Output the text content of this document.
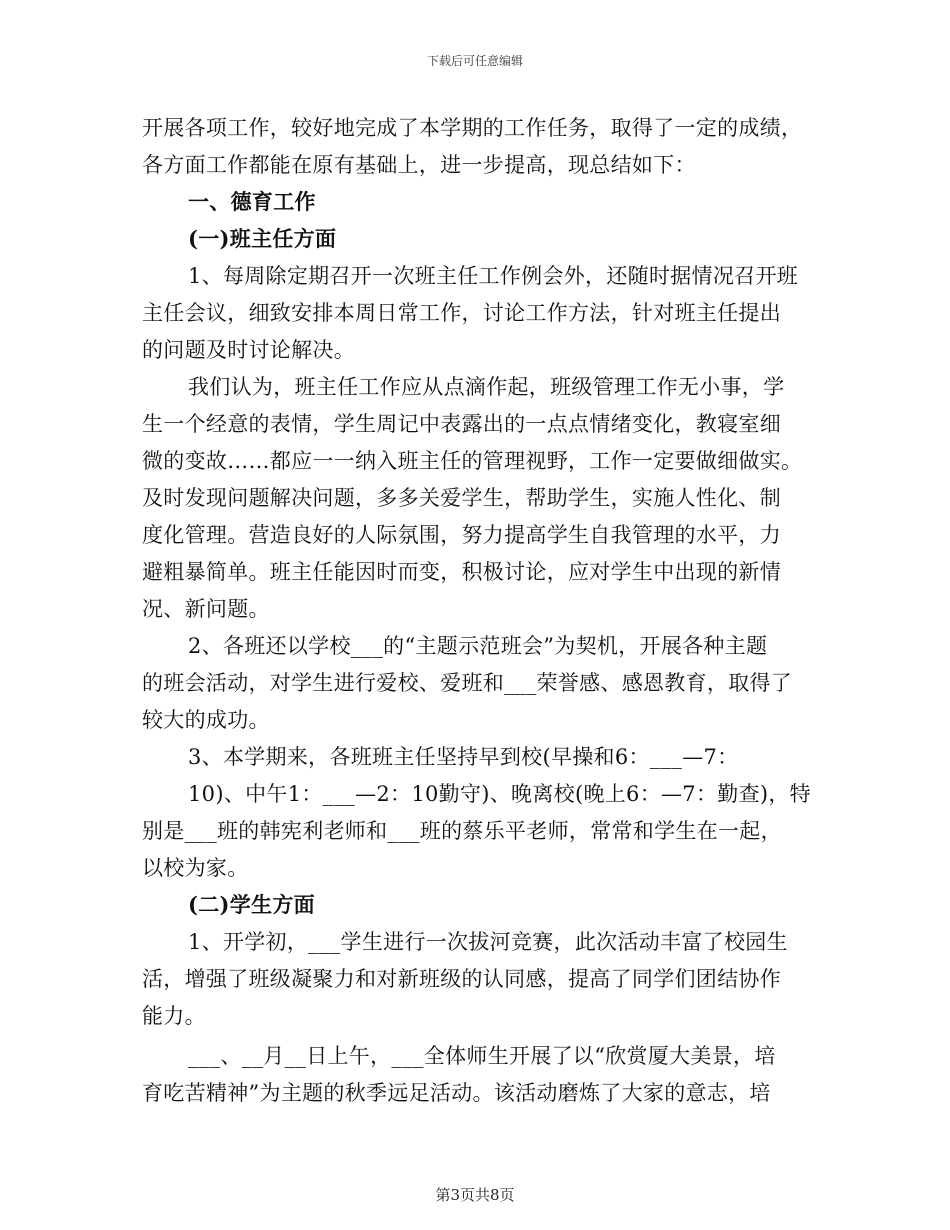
下载后可任意编辑
开展各项工作，较好地完成了本学期的工作任务，取得了一定的成绩，
各方面工作都能在原有基础上，进一步提高，现总结如下：
一、德育工作
(一)班主任方面
1、每周除定期召开一次班主任工作例会外，还随时据情况召开班
主任会议，细致安排本周日常工作，讨论工作方法，针对班主任提出
的问题及时讨论解决。
我们认为，班主任工作应从点滴作起，班级管理工作无小事，学
生一个经意的表情，学生周记中表露出的一点点情绪变化，教寝室细
微的变故……都应一一纳入班主任的管理视野，工作一定要做细做实。
及时发现问题解决问题，多多关爱学生，帮助学生，实施人性化、制
度化管理。营造良好的人际氛围，努力提高学生自我管理的水平，力
避粗暴简单。班主任能因时而变，积极讨论，应对学生中出现的新情
况、新问题。
2、各班还以学校___的“主题示范班会”为契机，开展各种主题
的班会活动，对学生进行爱校、爱班和___荣誉感、感恩教育，取得了
较大的成功。
3、本学期来，各班班主任坚持早到校(早操和6：___—7：
10)、中午1：___—2：10勤守)、晚离校(晚上6：—7：勤查)，特
别是___班的韩宪利老师和___班的蔡乐平老师，常常和学生在一起，
以校为家。
(二)学生方面
1、开学初，___学生进行一次拔河竞赛，此次活动丰富了校园生
活，增强了班级凝聚力和对新班级的认同感，提高了同学们团结协作
能力。
___、__月__日上午，___全体师生开展了以“欣赏厦大美景，培
育吃苦精神”为主题的秋季远足活动。该活动磨炼了大家的意志，培
第3页共8页
